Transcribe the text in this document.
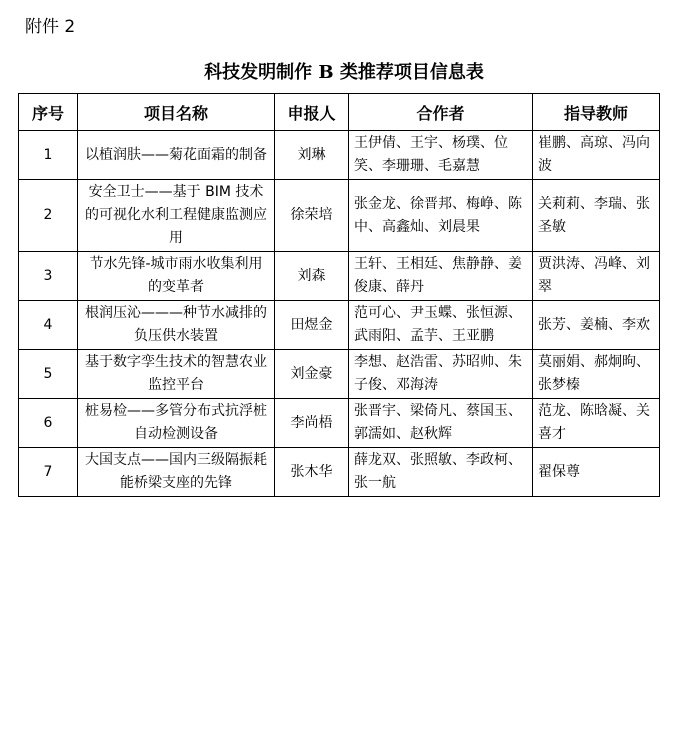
附件 2
科技发明制作 B 类推荐项目信息表
序号	项目名称	申报人	合作者	指导教师
1	以植润肤——菊花面霜的制备	刘琳	王伊倩、王宇、杨璞、位笑、李珊珊、毛嘉慧	崔鹏、高琼、冯向波
2	安全卫士——基于 BIM 技术的可视化水利工程健康监测应用	徐荣培	张金龙、徐晋邦、梅峥、陈中、高鑫灿、刘晨果	关莉莉、李瑞、张圣敏
3	节水先锋-城市雨水收集利用的变革者	刘森	王轩、王相廷、焦静静、姜俊康、薛丹	贾洪涛、冯峰、刘翠
4	根润压沁———种节水减排的负压供水装置	田煜金	范可心、尹玉蝶、张恒源、武雨阳、孟芋、王亚鹏	张芳、姜楠、李欢
5	基于数字孪生技术的智慧农业监控平台	刘金豪	李想、赵浩雷、苏昭帅、朱子俊、邓海涛	莫丽娟、郝炯昫、张梦榛
6	桩易检——多管分布式抗浮桩自动检测设备	李尚梧	张晋宇、梁倚凡、蔡国玉、郭濡如、赵秋辉	范龙、陈晗凝、关喜才
7	大国支点——国内三级隔振耗能桥梁支座的先锋	张木华	薛龙双、张照敏、李政柯、张一航	翟保尊
